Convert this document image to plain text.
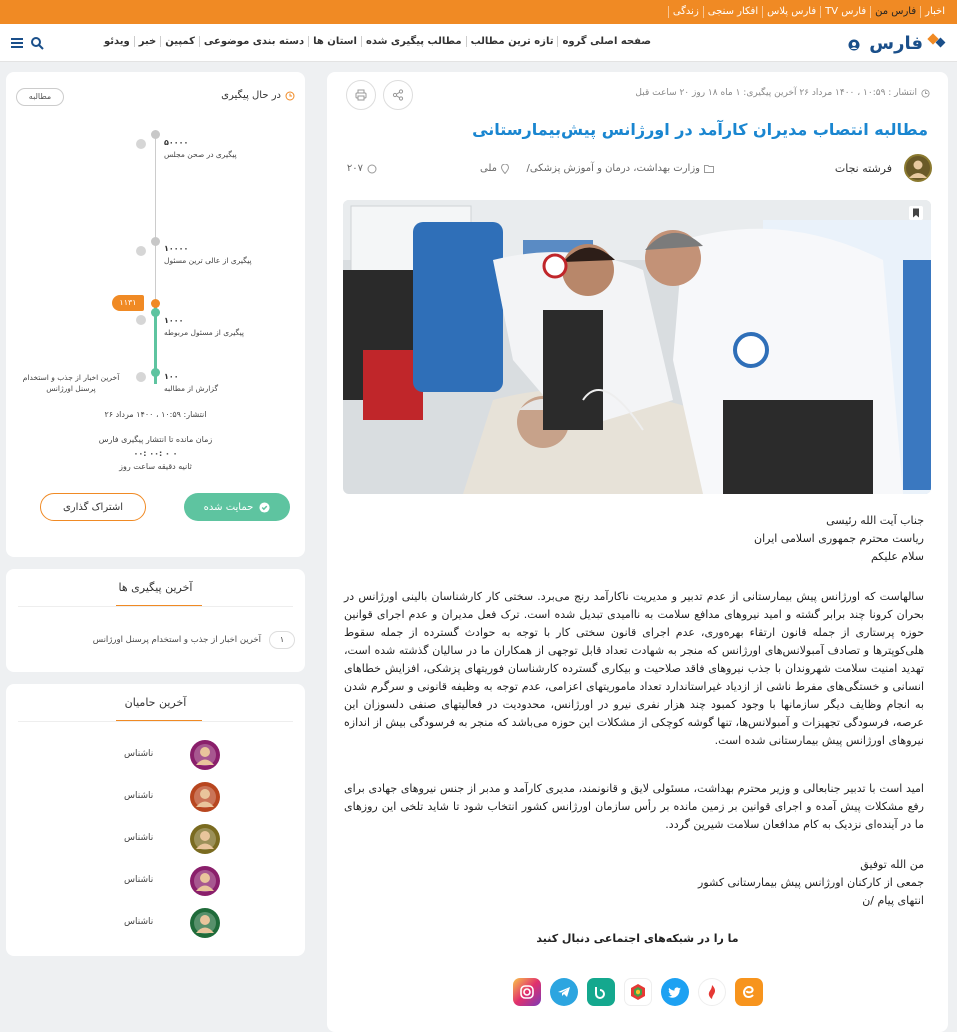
اخبار
فارس من
فارس TV
فارس پلاس
افکار سنجی
زندگی
فارس
صفحه اصلی گروه
تازه ترین مطالب
مطالب پیگیری شده
استان ها
دسته بندی موضوعی
کمپین
خبر
ویدئو
انتشار : ۱۰:۵۹ ، ۱۴۰۰ مرداد ۲۶ آخرین پیگیری: ۱ ماه ۱۸ روز ۲۰ ساعت قبل
مطالبه انتصاب مدیران کارآمد در اورژانس پیش‌بیمارستانی
فرشته نجات
وزارت بهداشت، درمان و آموزش پزشکی/
ملی
۲۰۷
جناب آیت الله رئیسی
ریاست محترم جمهوری اسلامی ایران
سلام علیکم
سالهاست که اورژانس پیش بیمارستانی از عدم تدبیر و مدیریت ناکارآمد رنج می‌برد. سختی کار کارشناسان بالینی اورژانس در بحران کرونا چند برابر گشته و امید نیروهای مدافع سلامت به ناامیدی تبدیل شده است. ترک فعل مدیران و عدم اجرای قوانین حوزه پرستاری از جمله قانون ارتقاء بهره‌وری، عدم اجرای قانون سختی کار با توجه به حوادث گسترده از جمله سقوط هلی‌کوپترها و تصادف آمبولانس‌های اورژانس که منجر به شهادت تعداد قابل توجهی از همکاران ما در سالیان گذشته شده است، تهدید امنیت سلامت شهروندان با جذب نیروهای فاقد صلاحیت و بیکاری گسترده کارشناسان فوریتهای پزشکی، افزایش خطاهای انسانی و خستگی‌های مفرط ناشی از ازدیاد غیراستاندارد تعداد ماموریتهای اعزامی، عدم توجه به وظیفه قانونی و سرگرم شدن به انجام وظایف دیگر سازمانها با وجود کمبود چند هزار نفری نیرو در اورژانس، محدودیت در فعالیتهای صنفی دلسوزان این عرصه، فرسودگی تجهیزات و آمبولانس‌ها، تنها گوشه کوچکی از مشکلات این حوزه می‌باشد که منجر به فرسودگی بیش از اندازه نیروهای اورژانس پیش بیمارستانی شده است.
امید است با تدبیر جنابعالی و وزیر محترم بهداشت، مسئولی لایق و قانونمند، مدیری کارآمد و مدبر از جنس نیروهای جهادی برای رفع مشکلات پیش آمده و اجرای قوانین بر زمین مانده بر رأس سازمان اورژانس کشور انتخاب شود تا شاید تلخی این روزهای ما در آینده‌ای نزدیک به کام مدافعان سلامت شیرین گردد.
من الله توفیق
جمعی از کارکنان اورژانس پیش بیمارستانی کشور
انتهای پیام /ن
ما را در شبکه‌های اجتماعی دنبال کنید
در حال پیگیری
مطالبه
۵۰۰۰۰
پیگیری در صحن مجلس
۱۰۰۰۰
پیگیری از عالی ترین مسئول
۱۱۳۱
۱۰۰۰
پیگیری از مسئول مربوطه
۱۰۰
گزارش از مطالبه
آخرین اخبار از جذب و استخدام پرسنل اورژانس
انتشار: ۱۰:۵۹ ، ۱۴۰۰ مرداد ۲۶
زمان مانده تا انتشار پیگیری فارس
۰۰: ۰۰: ۰ ۰
ثانیه دقیقه ساعت روز
حمایت شده
اشتراک گذاری
آخرین پیگیری ها
۱
آخرین اخبار از جذب و استخدام پرسنل اورژانس
آخرین حامیان
ناشناس
ناشناس
ناشناس
ناشناس
ناشناس
